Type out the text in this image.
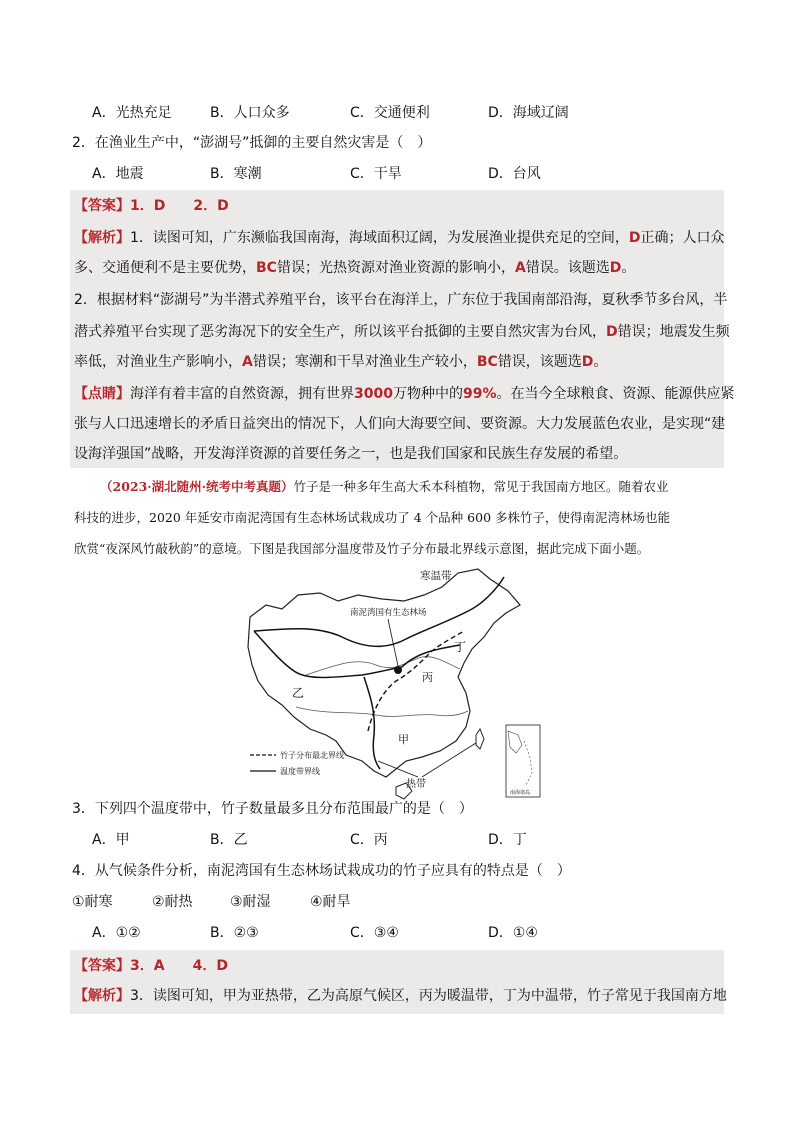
A．光热充足	B．人口众多	C．交通便利	D．海域辽阔
2．在渔业生产中，“澎湖号”抵御的主要自然灾害是（　）
A．地震	B．寒潮	C．干旱	D．台风
【答案】1．D　　2．D
【解析】1．读图可知，广东濒临我国南海，海域面积辽阔，为发展渔业提供充足的空间，D正确；人口众
多、交通便利不是主要优势，BC错误；光热资源对渔业资源的影响小，A错误。该题选D。
2．根据材料“澎湖号”为半潜式养殖平台，该平台在海洋上，广东位于我国南部沿海，夏秋季节多台风，半
潜式养殖平台实现了恶劣海况下的安全生产，所以该平台抵御的主要自然灾害为台风，D错误；地震发生频
率低，对渔业生产影响小，A错误；寒潮和干旱对渔业生产较小，BC错误，该题选D。
【点睛】海洋有着丰富的自然资源，拥有世界3000万物种中的99%。在当今全球粮食、资源、能源供应紧
张与人口迅速增长的矛盾日益突出的情况下，人们向大海要空间、要资源。大力发展蓝色农业，是实现“建
设海洋强国”战略，开发海洋资源的首要任务之一，也是我们国家和民族生存发展的希望。
（2023·湖北随州·统考中考真题）竹子是一种多年生高大禾本科植物，常见于我国南方地区。随着农业
科技的进步，2020 年延安市南泥湾国有生态林场试栽成功了 4 个品种 600 多株竹子，使得南泥湾林场也能
欣赏“夜深风竹敲秋韵”的意境。下图是我国部分温度带及竹子分布最北界线示意图，据此完成下面小题。
寒温带
南泥湾国有生态林场
丁
乙
丙
甲
热带
竹子分布最北界线
温度带界线
南海诸岛
3．下列四个温度带中，竹子数量最多且分布范围最广的是（　）
A．甲	B．乙	C．丙	D．丁
4．从气候条件分析，南泥湾国有生态林场试栽成功的竹子应具有的特点是（　）
①耐寒	②耐热	③耐湿	④耐旱
A．①②	B．②③	C．③④	D．①④
【答案】3．A　　4．D
【解析】3．读图可知，甲为亚热带，乙为高原气候区，丙为暖温带，丁为中温带，竹子常见于我国南方地
